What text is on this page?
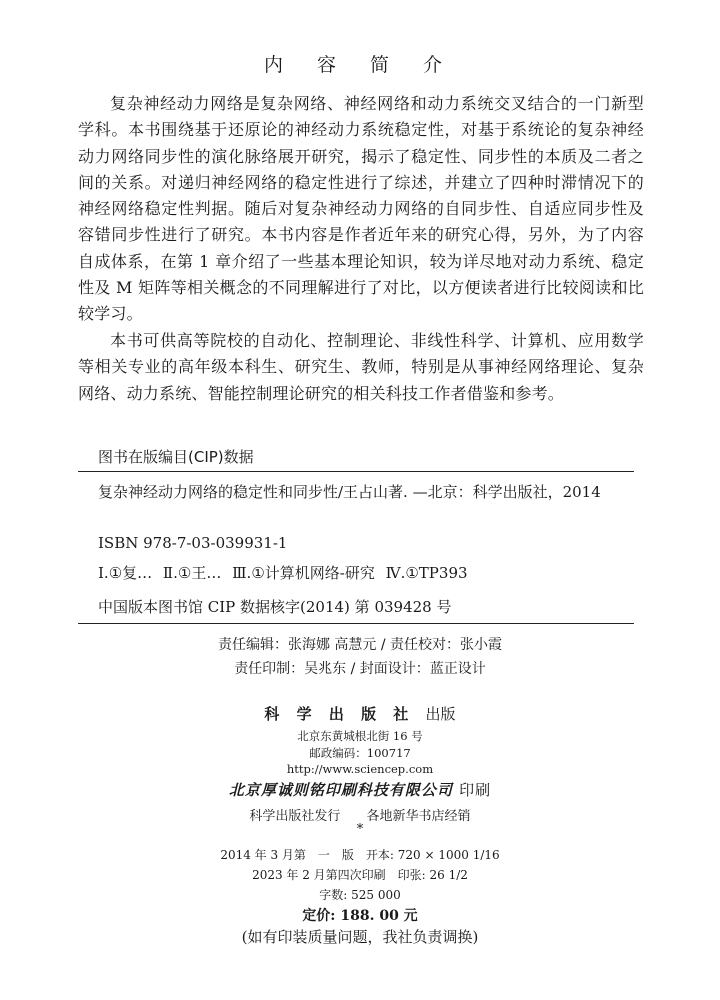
内 容 简 介

复杂神经动力网络是复杂网络、神经网络和动力系统交叉结合的一门新型学科。本书围绕基于还原论的神经动力系统稳定性，对基于系统论的复杂神经动力网络同步性的演化脉络展开研究，揭示了稳定性、同步性的本质及二者之间的关系。对递归神经网络的稳定性进行了综述，并建立了四种时滞情况下的神经网络稳定性判据。随后对复杂神经动力网络的自同步性、自适应同步性及容错同步性进行了研究。本书内容是作者近年来的研究心得，另外，为了内容自成体系，在第 1 章介绍了一些基本理论知识，较为详尽地对动力系统、稳定性及 M 矩阵等相关概念的不同理解进行了对比，以方便读者进行比较阅读和比较学习。

本书可供高等院校的自动化、控制理论、非线性科学、计算机、应用数学等相关专业的高年级本科生、研究生、教师，特别是从事神经网络理论、复杂网络、动力系统、智能控制理论研究的相关科技工作者借鉴和参考。

图书在版编目(CIP)数据

复杂神经动力网络的稳定性和同步性/王占山著. —北京：科学出版社，2014

ISBN 978-7-03-039931-1

Ⅰ.①复… Ⅱ.①王… Ⅲ.①计算机网络-研究 Ⅳ.①TP393

中国版本图书馆 CIP 数据核字(2014) 第 039428 号

责任编辑：张海娜 高慧元 / 责任校对：张小霞
责任印制：吴兆东 / 封面设计：蓝正设计
科 学 出 版 社 出版
北京东黄城根北街 16 号
邮政编码：100717
http://www.sciencep.com
北京厚诚则铭印刷科技有限公司 印刷
科学出版社发行 各地新华书店经销
*
2014 年 3 月第　一　版　开本: 720 × 1000 1/16
2023 年 2 月第四次印刷　印张: 26 1/2
字数: 525 000
定价: 188. 00 元
(如有印装质量问题，我社负责调换)
